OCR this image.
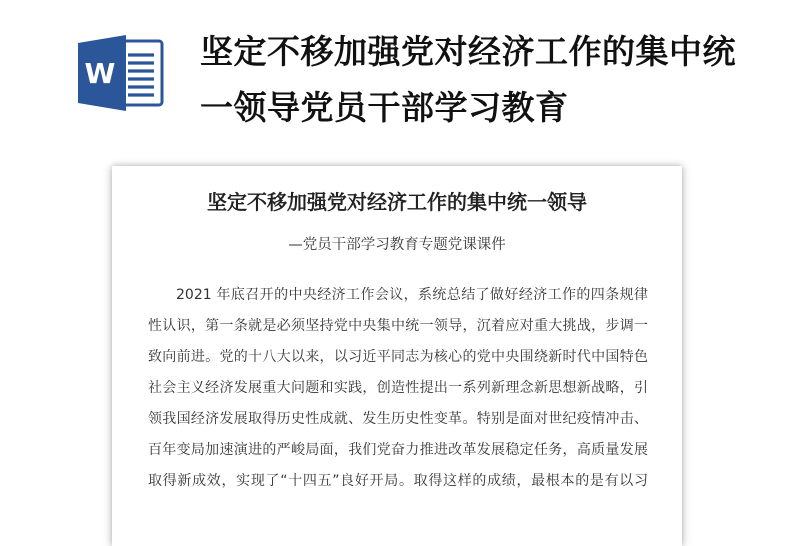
W
坚定不移加强党对经济工作的集中统一领导党员干部学习教育
坚定不移加强党对经济工作的集中统一领导

—党员干部学习教育专题党课课件

2021 年底召开的中央经济工作会议，系统总结了做好经济工作的四条规律
性认识，第一条就是必须坚持党中央集中统一领导，沉着应对重大挑战，步调一
致向前进。党的十八大以来，以习近平同志为核心的党中央围绕新时代中国特色
社会主义经济发展重大问题和实践，创造性提出一系列新理念新思想新战略，引
领我国经济发展取得历史性成就、发生历史性变革。特别是面对世纪疫情冲击、
百年变局加速演进的严峻局面，我们党奋力推进改革发展稳定任务，高质量发展
取得新成效，实现了“十四五”良好开局。取得这样的成绩，最根本的是有以习
